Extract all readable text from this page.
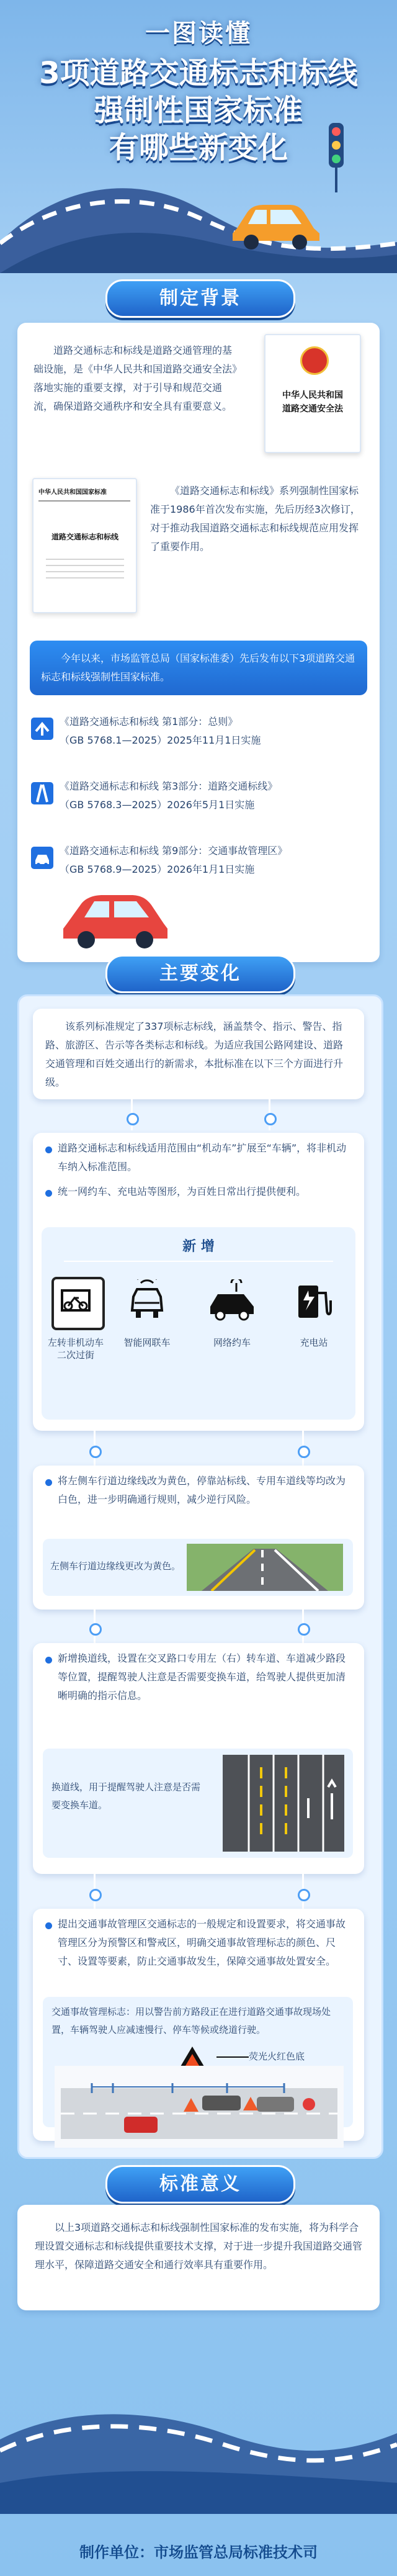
一图读懂
3项道路交通标志和标线
强制性国家标准
有哪些新变化
制定背景
道路交通标志和标线是道路交通管理的基础设施，是《中华人民共和国道路交通安全法》落地实施的重要支撑，对于引导和规范交通流，确保道路交通秩序和安全具有重要意义。
中华人民共和国
道路交通安全法
中华人民共和国国家标准
道路交通标志和标线
《道路交通标志和标线》系列强制性国家标准于1986年首次发布实施，先后历经3次修订，对于推动我国道路交通标志和标线规范应用发挥了重要作用。
今年以来，市场监管总局（国家标准委）先后发布以下3项道路交通标志和标线强制性国家标准。
《道路交通标志和标线 第1部分：总则》
（GB 5768.1—2025）2025年11月1日实施
《道路交通标志和标线 第3部分：道路交通标线》
（GB 5768.3—2025）2026年5月1日实施
《道路交通标志和标线 第9部分：交通事故管理区》
（GB 5768.9—2025）2026年1月1日实施
主要变化
该系列标准规定了337项标志标线，涵盖禁令、指示、警告、指路、旅游区、告示等各类标志和标线。为适应我国公路网建设、道路交通管理和百姓交通出行的新需求，本批标准在以下三个方面进行升级。
道路交通标志和标线适用范围由“机动车”扩展至“车辆”，将非机动车纳入标准范围。
统一网约车、充电站等图形，为百姓日常出行提供便利。
新 增
左转非机动车二次过街
智能网联车	网络约车	充电站
将左侧车行道边缘线改为黄色，停靠站标线、专用车道线等均改为白色，进一步明确通行规则，减少逆行风险。
左侧车行道边缘线更改为黄色。
新增换道线，设置在交叉路口专用左（右）转车道、车道减少路段等位置，提醒驾驶人注意是否需要变换车道，给驾驶人提供更加清晰明确的指示信息。
换道线，用于提醒驾驶人注意是否需要变换车道。
提出交通事故管理区交通标志的一般规定和设置要求，将交通事故管理区分为预警区和警戒区，明确交通事故管理标志的颜色、尺寸、设置等要素，防止交通事故发生，保障交通事故处置安全。
交通事故管理标志：用以警告前方路段正在进行道路交通事故现场处置，车辆驾驶人应减速慢行、停车等候或绕道行驶。
荧光火红色底
标准意义
以上3项道路交通标志和标线强制性国家标准的发布实施，将为科学合理设置交通标志和标线提供重要技术支撑，对于进一步提升我国道路交通管理水平，保障道路交通安全和通行效率具有重要作用。
制作单位：市场监管总局标准技术司
